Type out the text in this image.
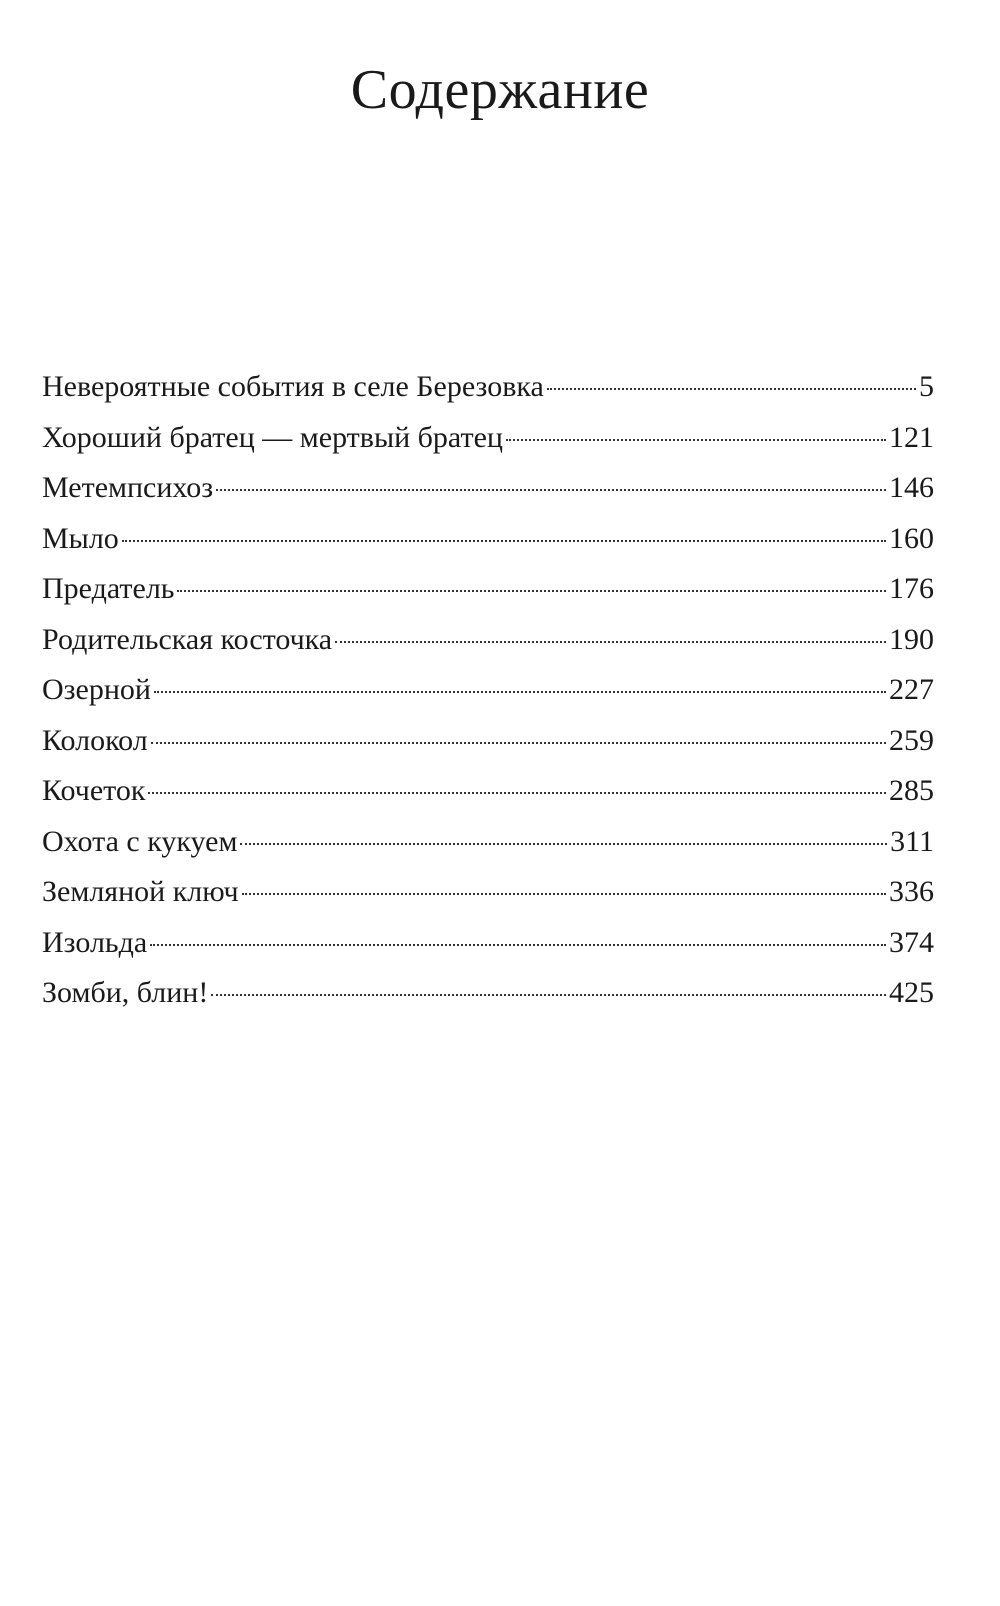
Содержание
Невероятные события в селе Березовка	5
Хороший братец — мертвый братец	121
Метемпсихоз	146
Мыло	160
Предатель	176
Родительская косточка	190
Озерной	227
Колокол	259
Кочеток	285
Охота с кукуем	311
Земляной ключ	336
Изольда	374
Зомби, блин!	425
